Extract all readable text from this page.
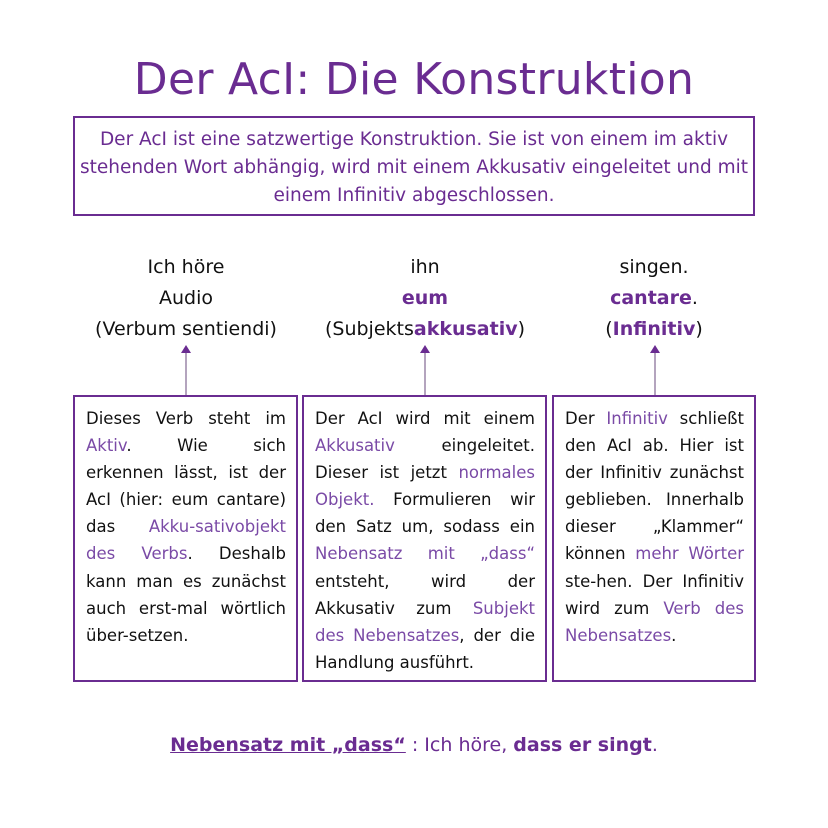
Der AcI: Die Konstruktion
Der AcI ist eine satzwertige Konstruktion. Sie ist von einem im aktiv stehenden Wort abhängig, wird mit einem Akkusativ eingeleitet und mit einem Infinitiv abgeschlossen.
Ich höre
Audio
(Verbum sentiendi)
ihn
eum
(Subjektsakkusativ)
singen.
cantare.
(Infinitiv)

Dieses Verb steht im Aktiv. Wie sich erkennen lässt, ist der AcI (hier: eum cantare) das Akku-sativobjekt des Verbs. Deshalb kann man es zunächst auch erst-mal wörtlich über-setzen.

Der AcI wird mit einem Akkusativ eingeleitet. Dieser ist jetzt normales Objekt. Formulieren wir den Satz um, sodass ein Nebensatz mit „dass“ entsteht, wird der Akkusativ zum Subjekt des Nebensatzes, der die Handlung ausführt.

Der Infinitiv schließt den AcI ab. Hier ist der Infinitiv zunächst geblieben. Innerhalb dieser „Klammer“ können mehr Wörter ste-hen. Der Infinitiv wird zum Verb des Nebensatzes.

Nebensatz mit „dass“ : Ich höre, dass er singt.
